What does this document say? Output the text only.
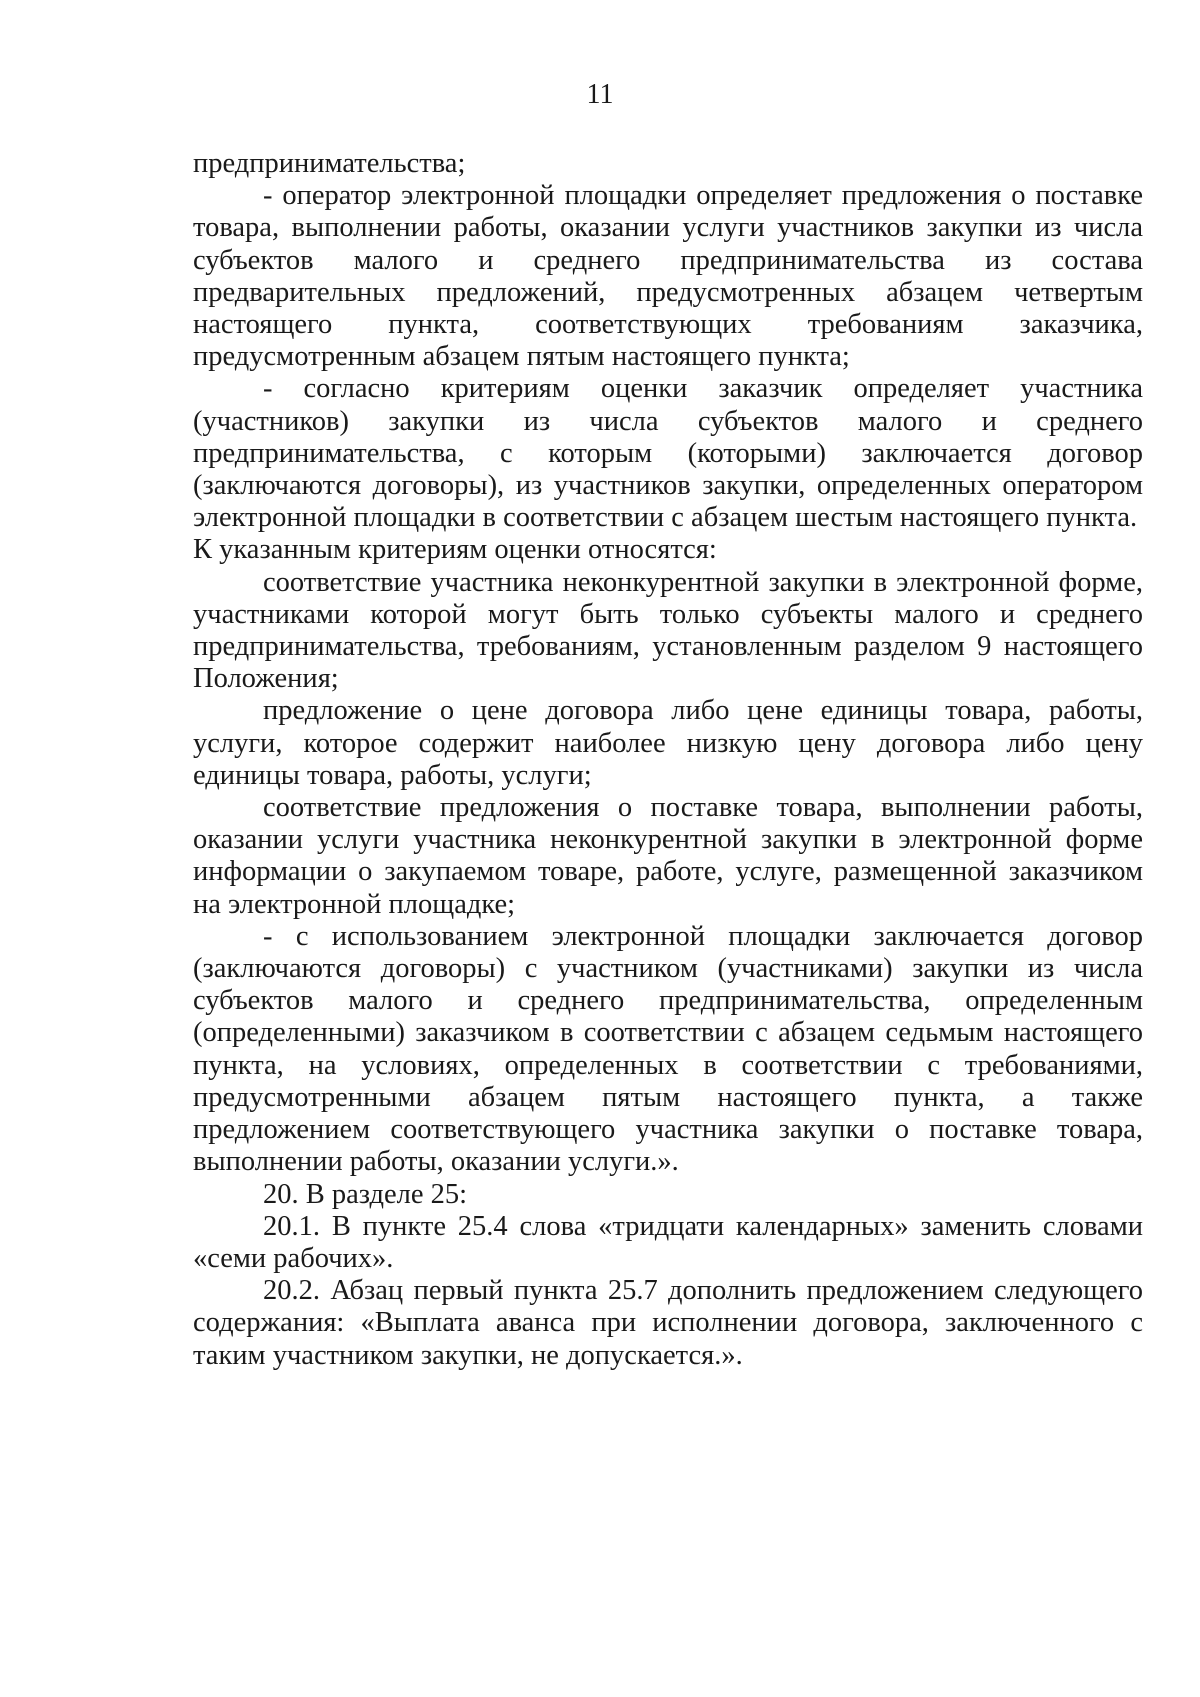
11

предпринимательства;

- оператор электронной площадки определяет предложения о поставке товара, выполнении работы, оказании услуги участников закупки из числа субъектов малого и среднего предпринимательства из состава предварительных предложений, предусмотренных абзацем четвертым настоящего пункта, соответствующих требованиям заказчика, предусмотренным абзацем пятым настоящего пункта;

- согласно критериям оценки заказчик определяет участника (участников) закупки из числа субъектов малого и среднего предпринимательства, с которым (которыми) заключается договор (заключаются договоры), из участников закупки, определенных оператором электронной площадки в соответствии с абзацем шестым настоящего пункта.

К указанным критериям оценки относятся:

соответствие участника неконкурентной закупки в электронной форме, участниками которой могут быть только субъекты малого и среднего предпринимательства, требованиям, установленным разделом 9 настоящего Положения;

предложение о цене договора либо цене единицы товара, работы, услуги, которое содержит наиболее низкую цену договора либо цену единицы товара, работы, услуги;

соответствие предложения о поставке товара, выполнении работы, оказании услуги участника неконкурентной закупки в электронной форме информации о закупаемом товаре, работе, услуге, размещенной заказчиком на электронной площадке;

- с использованием электронной площадки заключается договор (заключаются договоры) с участником (участниками) закупки из числа субъектов малого и среднего предпринимательства, определенным (определенными) заказчиком в соответствии с абзацем седьмым настоящего пункта, на условиях, определенных в соответствии с требованиями, предусмотренными абзацем пятым настоящего пункта, а также предложением соответствующего участника закупки о поставке товара, выполнении работы, оказании услуги.».

20. В разделе 25:

20.1. В пункте 25.4 слова «тридцати календарных» заменить словами «семи рабочих».

20.2. Абзац первый пункта 25.7 дополнить предложением следующего содержания: «Выплата аванса при исполнении договора, заключенного с таким участником закупки, не допускается.».
